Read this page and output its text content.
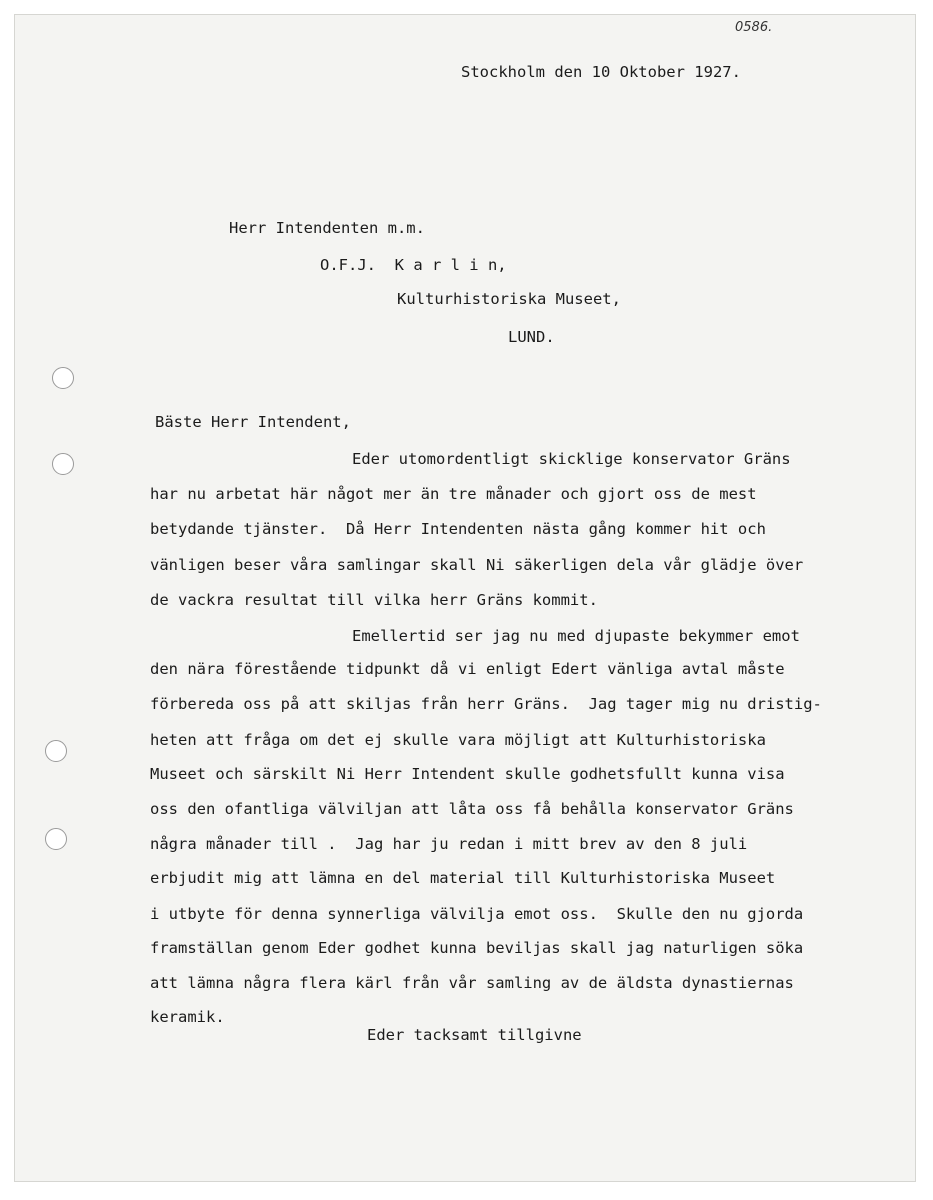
0586.
Stockholm den 10 Oktober 1927.
Herr Intendenten m.m.
O.F.J.  K a r l i n,
Kulturhistoriska Museet,
LUND.
Bäste Herr Intendent,
Eder utomordentligt skicklige konservator Gräns
har nu arbetat här något mer än tre månader och gjort oss de mest
betydande tjänster.  Då Herr Intendenten nästa gång kommer hit och
vänligen beser våra samlingar skall Ni säkerligen dela vår glädje över
de vackra resultat till vilka herr Gräns kommit.
Emellertid ser jag nu med djupaste bekymmer emot
den nära förestående tidpunkt då vi enligt Edert vänliga avtal måste
förbereda oss på att skiljas från herr Gräns.  Jag tager mig nu dristig-
heten att fråga om det ej skulle vara möjligt att Kulturhistoriska
Museet och särskilt Ni Herr Intendent skulle godhetsfullt kunna visa
oss den ofantliga välviljan att låta oss få behålla konservator Gräns
några månader till .  Jag har ju redan i mitt brev av den 8 juli
erbjudit mig att lämna en del material till Kulturhistoriska Museet
i utbyte för denna synnerliga välvilja emot oss.  Skulle den nu gjorda
framställan genom Eder godhet kunna beviljas skall jag naturligen söka
att lämna några flera kärl från vår samling av de äldsta dynastiernas
keramik.
Eder tacksamt tillgivne
